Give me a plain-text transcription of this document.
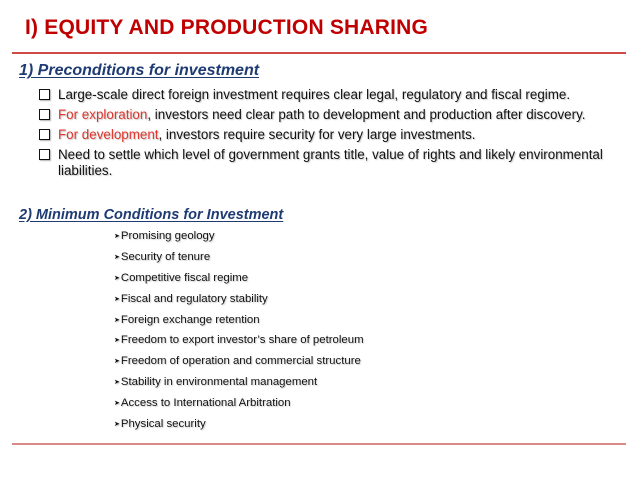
I) EQUITY AND PRODUCTION SHARING
1) Preconditions for investment
Large-scale direct foreign investment requires clear legal, regulatory and fiscal regime.
For exploration, investors need clear path to development and production after discovery.
For development, investors require security for very large investments.
Need to settle which level of government grants title, value of rights and likely environmental liabilities.
2) Minimum Conditions for Investment
➤Promising geology
➤Security of tenure
➤Competitive fiscal regime
➤Fiscal and regulatory stability
➤Foreign exchange retention
➤Freedom to export investor’s share of petroleum
➤Freedom of operation and commercial structure
➤Stability in environmental management
➤Access to International Arbitration
➤Physical security
